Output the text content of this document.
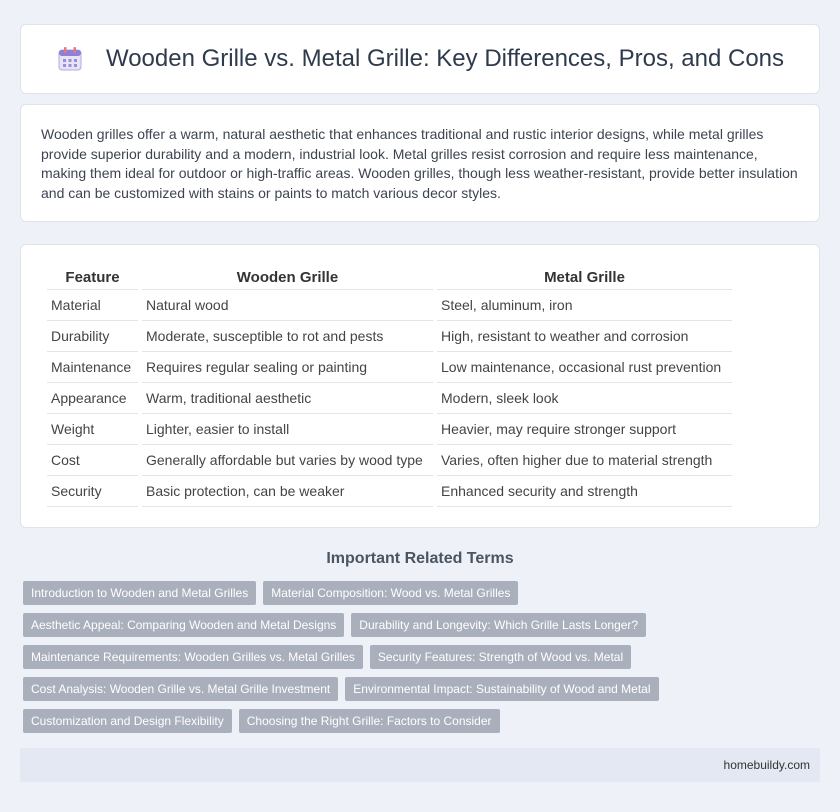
Wooden Grille vs. Metal Grille: Key Differences, Pros, and Cons

Wooden grilles offer a warm, natural aesthetic that enhances traditional and rustic interior designs, while metal grilles provide superior durability and a modern, industrial look. Metal grilles resist corrosion and require less maintenance, making them ideal for outdoor or high-traffic areas. Wooden grilles, though less weather-resistant, provide better insulation and can be customized with stains or paints to match various decor styles.

Feature	Wooden Grille	Metal Grille
Material	Natural wood	Steel, aluminum, iron
Durability	Moderate, susceptible to rot and pests	High, resistant to weather and corrosion
Maintenance	Requires regular sealing or painting	Low maintenance, occasional rust prevention
Appearance	Warm, traditional aesthetic	Modern, sleek look
Weight	Lighter, easier to install	Heavier, may require stronger support
Cost	Generally affordable but varies by wood type	Varies, often higher due to material strength
Security	Basic protection, can be weaker	Enhanced security and strength
Important Related Terms
Introduction to Wooden and Metal Grilles	Material Composition: Wood vs. Metal Grilles
Aesthetic Appeal: Comparing Wooden and Metal Designs	Durability and Longevity: Which Grille Lasts Longer?
Maintenance Requirements: Wooden Grilles vs. Metal Grilles	Security Features: Strength of Wood vs. Metal
Cost Analysis: Wooden Grille vs. Metal Grille Investment	Environmental Impact: Sustainability of Wood and Metal
Customization and Design Flexibility	Choosing the Right Grille: Factors to Consider
homebuildy.com
